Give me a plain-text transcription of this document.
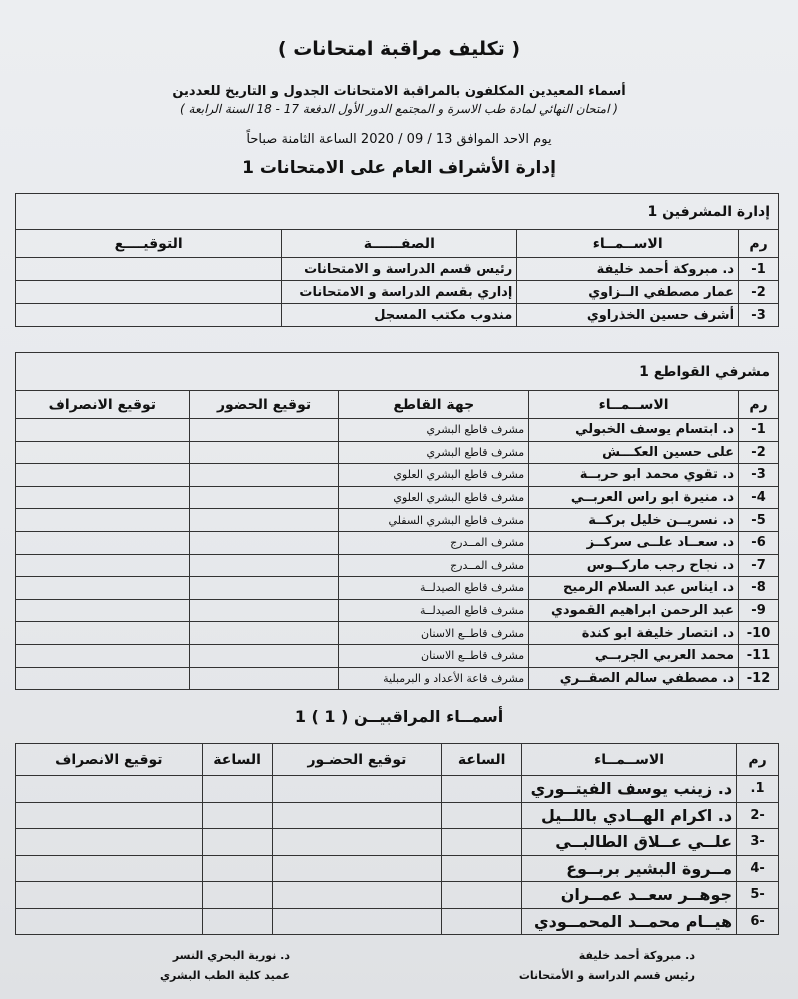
( تكليف مراقبة امتحانات )
أسماء المعيدين المكلفون بالمراقبة الامتحانات الجدول و التاريخ للعددين
( امتحان النهائي لمادة طب الاسرة و المجتمع الدور الأول الدفعة 17 - 18 السنة الرابعة )
يوم الاحد الموافق 13 / 09 / 2020 الساعة الثامنة صباحاً
إدارة الأشراف العام على الامتحانات 1
إدارة المشرفين 1			
رم	الاســمــاء	الصفــــــة	التوقيــــع
1-	د. مبروكة أحمد خليفة	رئيس قسم الدراسة و الامتحانات	
2-	عمار مصطفي الــزاوي	إداري بقسم الدراسة و الامتحانات	
3-	أشرف حسين الخذراوي	مندوب مكتب المسجل	
مشرفي القواطع 1				
رم	الاســمــاء	جهة القاطع	توقيع الحضور	توقيع الانصراف
1-	د. ابتسام يوسف الخبولي	مشرف قاطع البشري		
2-	على حسين العكـــش	مشرف قاطع البشري		
3-	د. تقوي محمد ابو حربــة	مشرف قاطع البشري العلوي		
4-	د. منيرة ابو راس العربــي	مشرف قاطع البشري العلوي		
5-	د. نسريــن خليل بركــة	مشرف قاطع البشري السفلي		
6-	د. سعــاد علــى سركــز	مشرف المــدرج		
7-	د. نجاح رجب ماركــوس	مشرف المــدرج		
8-	د. ايناس عبد السلام الرميح	مشرف قاطع الصيدلــة		
9-	عبد الرحمن ابراهيم القمودي	مشرف قاطع الصيدلــة		
10-	د. انتصار خليفة ابو كندة	مشرف قاطــع الاسنان		
11-	محمد العربي الجربــي	مشرف قاطــع الاسنان		
12-	د. مصطفي سالم الصقــري	مشرف قاعة الأعداد و البرمبلية		
أسمــاء المراقبيــن ( 1 ) 1
رم	الاســمــاء	الساعة	توقيع الحضـور	الساعة	توقيع الانصراف
1.	د. زينب يوسف الفيتــوري				
-2	د. اكرام الهــادي باللــيل				
-3	علــي عــلاق الطالبــي				
-4	مــروة البشير بربــوع				
-5	جوهــر سعــد عمــران				
-6	هيــام محمــد المحمــودي				
د. نورية البحري النسر
عميد كلية الطب البشري
د. مبروكة أحمد خليفة
رئيس قسم الدراسة و الأمتحانات
